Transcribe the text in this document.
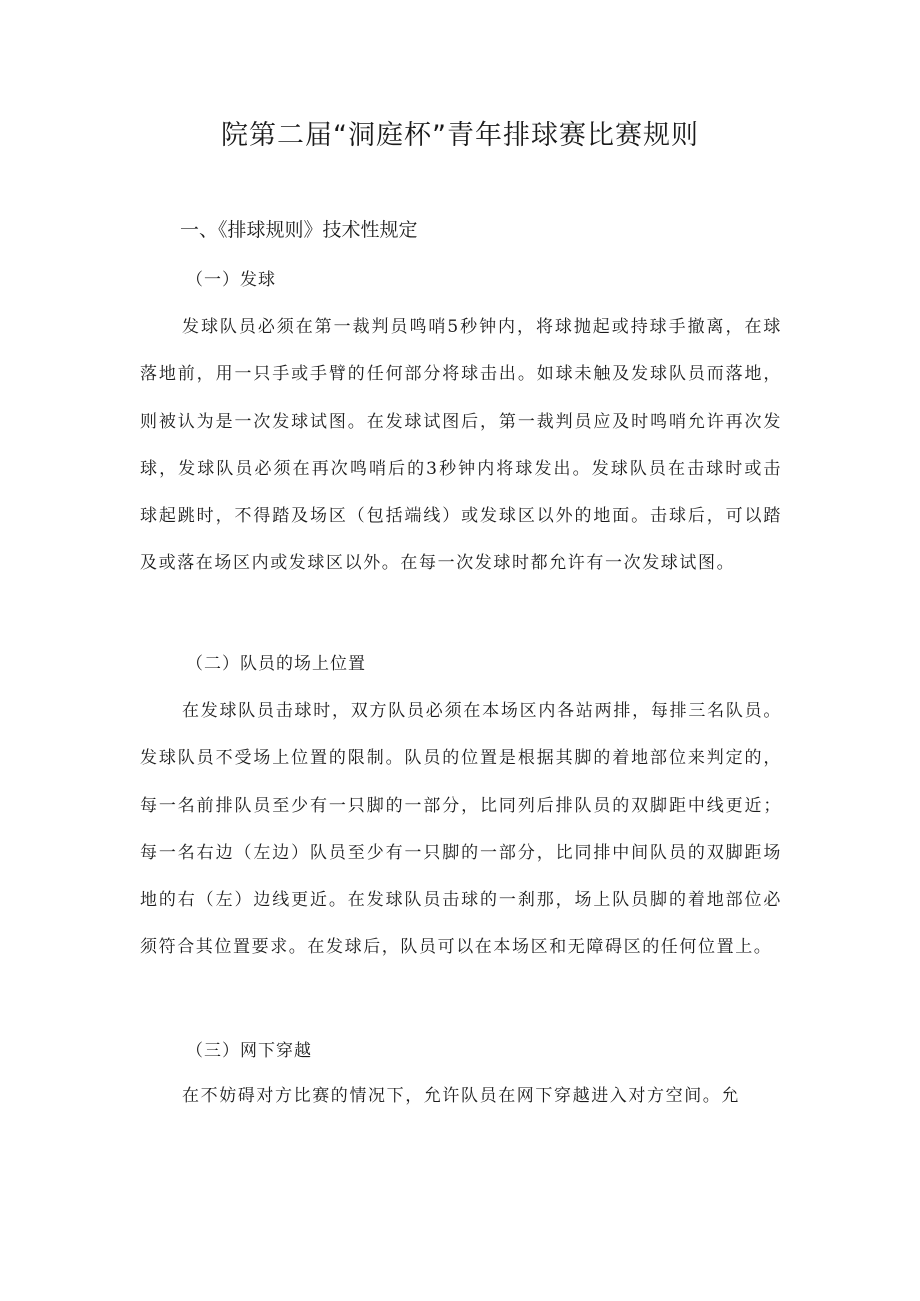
院第二届“洞庭杯”青年排球赛比赛规则
一、《排球规则》技术性规定
（一）发球

发球队员必须在第一裁判员鸣哨5秒钟内，将球抛起或持球手撤离，在球落地前，用一只手或手臂的任何部分将球击出。如球未触及发球队员而落地，则被认为是一次发球试图。在发球试图后，第一裁判员应及时鸣哨允许再次发球，发球队员必须在再次鸣哨后的3秒钟内将球发出。发球队员在击球时或击球起跳时，不得踏及场区（包括端线）或发球区以外的地面。击球后，可以踏及或落在场区内或发球区以外。在每一次发球时都允许有一次发球试图。

（二）队员的场上位置

在发球队员击球时，双方队员必须在本场区内各站两排，每排三名队员。发球队员不受场上位置的限制。队员的位置是根据其脚的着地部位来判定的，每一名前排队员至少有一只脚的一部分，比同列后排队员的双脚距中线更近；每一名右边（左边）队员至少有一只脚的一部分，比同排中间队员的双脚距场地的右（左）边线更近。在发球队员击球的一刹那，场上队员脚的着地部位必须符合其位置要求。在发球后，队员可以在本场区和无障碍区的任何位置上。

（三）网下穿越

在不妨碍对方比赛的情况下，允许队员在网下穿越进入对方空间。允
